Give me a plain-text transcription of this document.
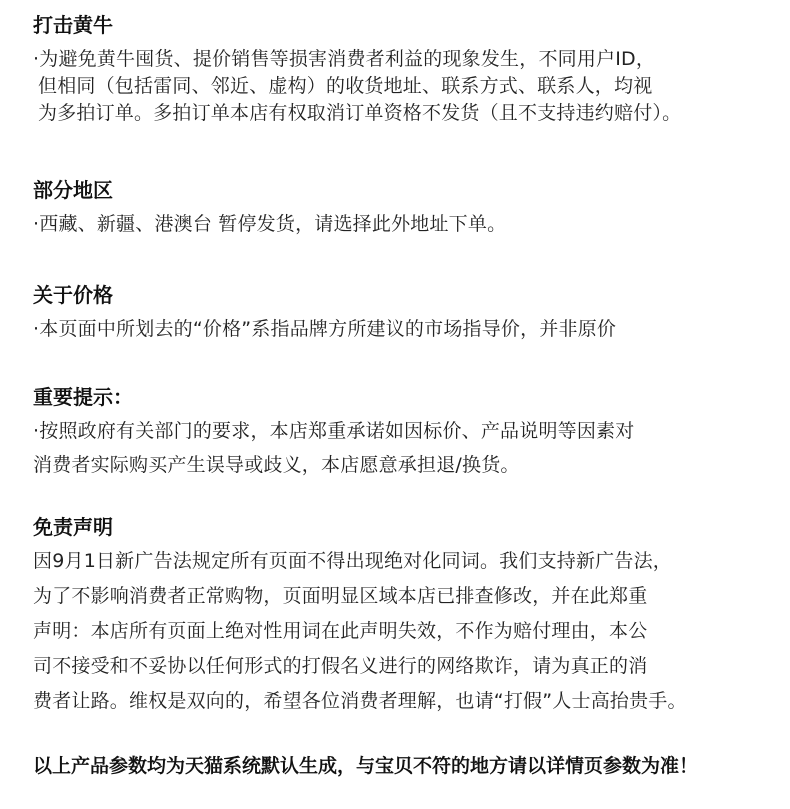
打击黄牛
·为避免黄牛囤货、提价销售等损害消费者利益的现象发生，不同用户ID，
但相同（包括雷同、邻近、虚构）的收货地址、联系方式、联系人，均视
为多拍订单。多拍订单本店有权取消订单资格不发货（且不支持违约赔付）。
部分地区
·西藏、新疆、港澳台 暂停发货，请选择此外地址下单。
关于价格
·本页面中所划去的“价格”系指品牌方所建议的市场指导价，并非原价
重要提示：
·按照政府有关部门的要求，本店郑重承诺如因标价、产品说明等因素对
消费者实际购买产生误导或歧义，本店愿意承担退/换货。
免责声明
因9月1日新广告法规定所有页面不得出现绝对化同词。我们支持新广告法，
为了不影响消费者正常购物，页面明显区域本店已排查修改，并在此郑重
声明：本店所有页面上绝对性用词在此声明失效，不作为赔付理由，本公
司不接受和不妥协以任何形式的打假名义进行的网络欺诈，请为真正的消
费者让路。维权是双向的，希望各位消费者理解，也请“打假”人士高抬贵手。
以上产品参数均为天猫系统默认生成，与宝贝不符的地方请以详情页参数为准！
